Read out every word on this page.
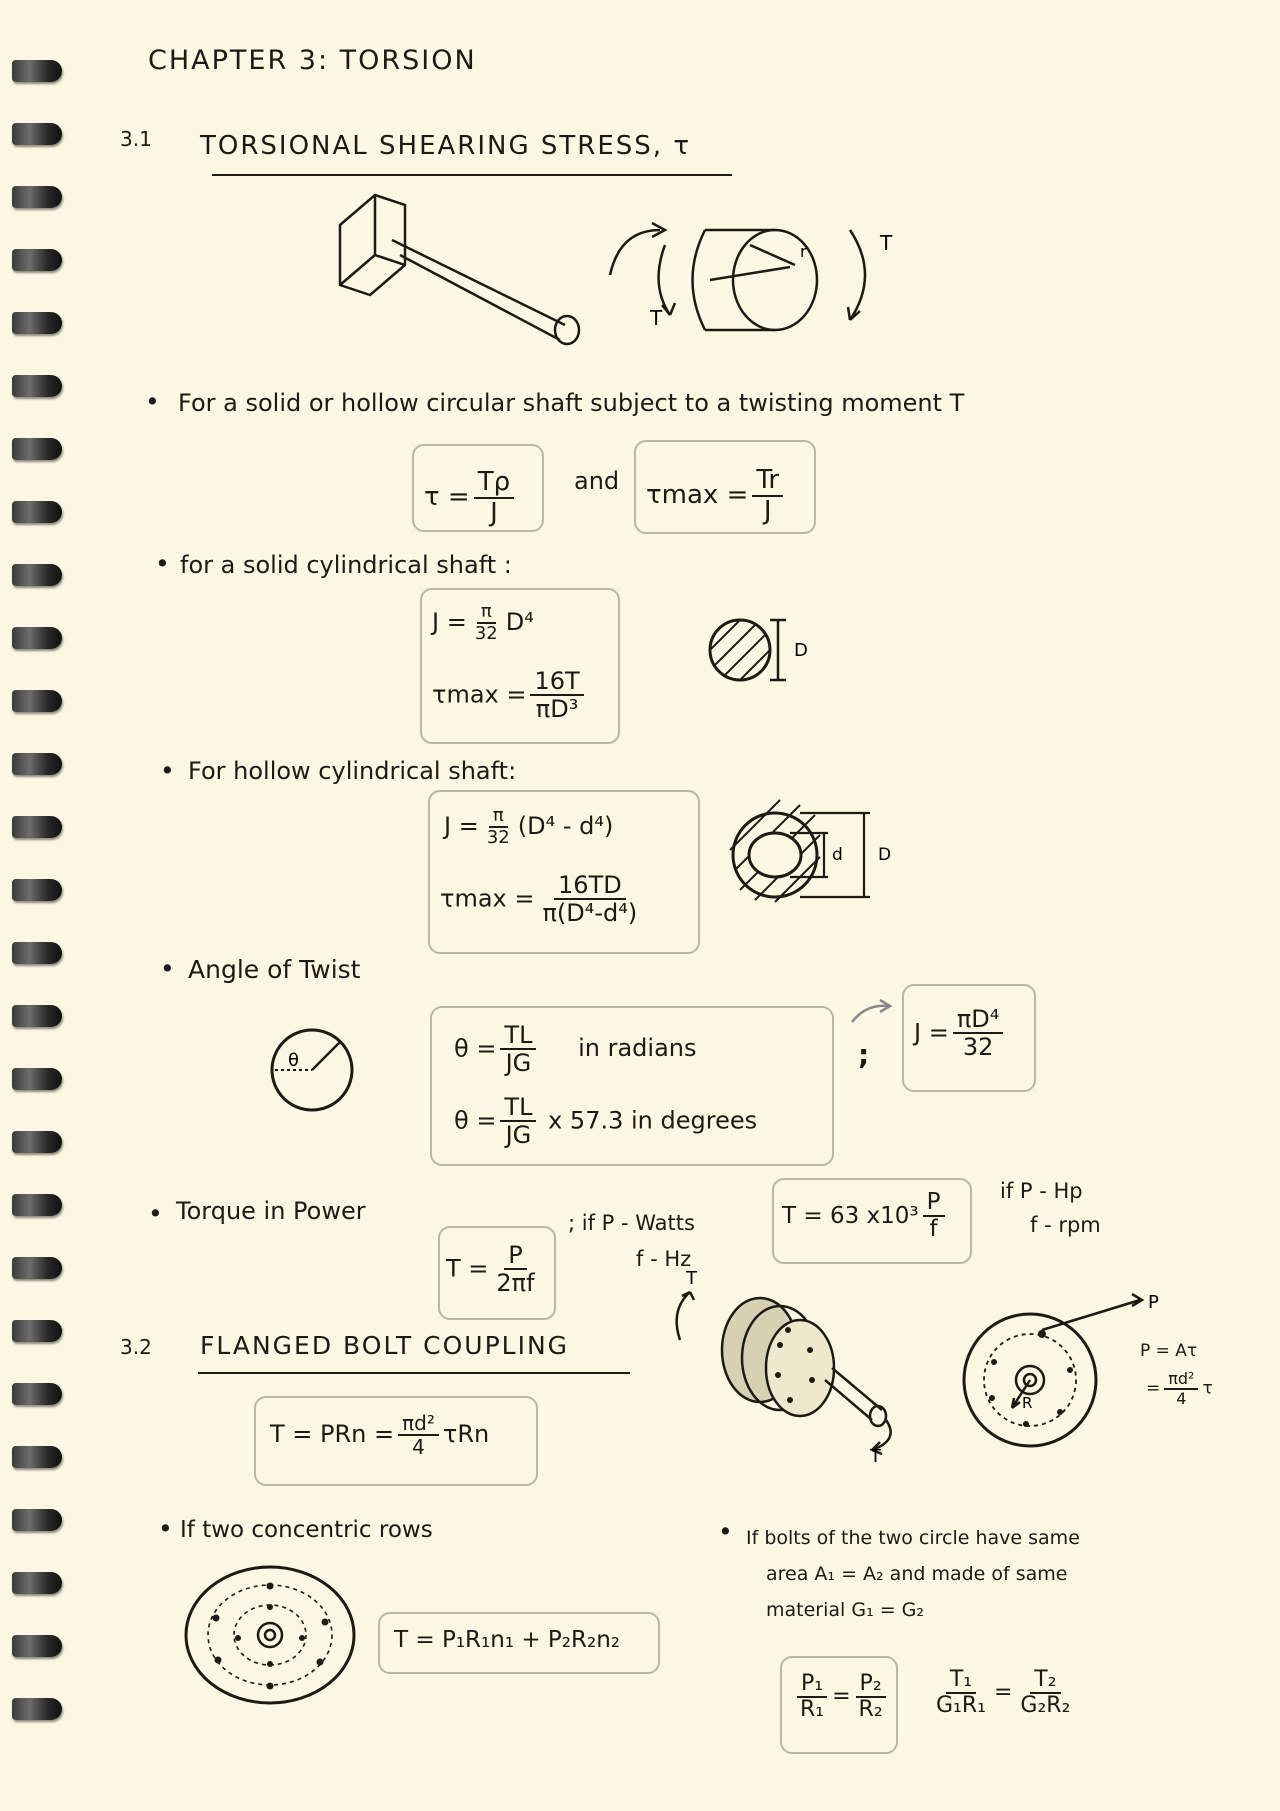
CHAPTER 3: TORSION
3.1 TORSIONAL SHEARING STRESS, τ
T
T
r
• For a solid or hollow circular shaft subject to a twisting moment T
$\tau = \frac{T\rho}{J}$ and $\tau\max = \frac{Tr}{J}$
• for a solid cylindrical shaft :
$J = \frac{\pi}{32} D^4$
$\tau\max = \frac{16T}{\text{πD³}}$
D
• For hollow cylindrical shaft:
$J = \frac{\pi}{32} (D^4 - d^4)$
$\tau\max = \frac{16TD}{\text{π(D⁴-d⁴)}}$
d D
• Angle of Twist
θ	$\theta = \frac{TL}{JG}$ in radians
$\theta = \frac{TL}{JG}$ x 57.3 in degrees
;
$J = \frac{\text{πD⁴}}{32}$
• Torque in Power
$T = \frac{P}{2\pi f}$
; if P - Watts
f - Hz
T = 63 $x10^3 \frac{P}{f}$	if P - Hp
f - rpm
3.2 FLANGED BOLT COUPLING
T
T
P
R
P = Aτ
= $\frac{\text{πd²}}{4}$ τ
T = PRn = $\frac{\text{πd²}}{4}$ τRn
• If two concentric rows
T = P₁R₁n₁ + P₂R₂n₂
• If bolts of the two circle have same
area A₁ = A₂ and made of same
material G₁ = G₂
$\frac{\text{P₁}}{\text{R₁}} = \frac{\text{P₂}}{\text{R₂}} \frac{\text{T₁}}{\text{G₁R₁}} = \frac{\text{T₂}}{\text{G₂R₂}}$
